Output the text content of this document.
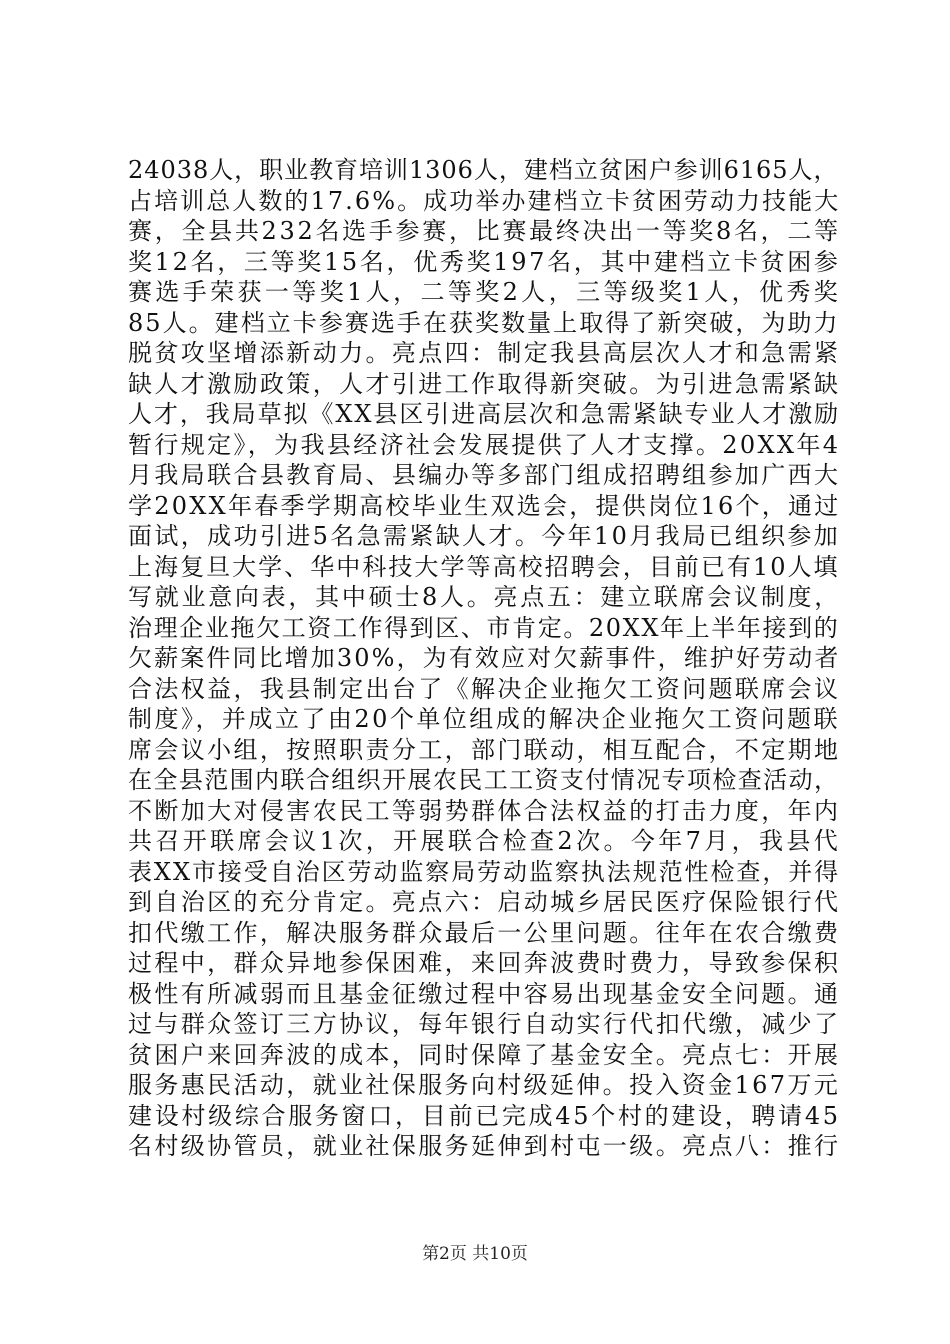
24038人，职业教育培训1306人，建档立贫困户参训6165人，
占培训总人数的17.6%。成功举办建档立卡贫困劳动力技能大
赛，全县共232名选手参赛，比赛最终决出一等奖8名，二等
奖12名，三等奖15名，优秀奖197名，其中建档立卡贫困参
赛选手荣获一等奖1人，二等奖2人，三等级奖1人，优秀奖
85人。建档立卡参赛选手在获奖数量上取得了新突破，为助力
脱贫攻坚增添新动力。亮点四：制定我县高层次人才和急需紧
缺人才激励政策，人才引进工作取得新突破。为引进急需紧缺
人才，我局草拟《XX县区引进高层次和急需紧缺专业人才激励
暂行规定》，为我县经济社会发展提供了人才支撑。20XX年4
月我局联合县教育局、县编办等多部门组成招聘组参加广西大
学20XX年春季学期高校毕业生双选会，提供岗位16个，通过
面试，成功引进5名急需紧缺人才。今年10月我局已组织参加
上海复旦大学、华中科技大学等高校招聘会，目前已有10人填
写就业意向表，其中硕士8人。亮点五：建立联席会议制度，
治理企业拖欠工资工作得到区、市肯定。20XX年上半年接到的
欠薪案件同比增加30%，为有效应对欠薪事件，维护好劳动者
合法权益，我县制定出台了《解决企业拖欠工资问题联席会议
制度》，并成立了由20个单位组成的解决企业拖欠工资问题联
席会议小组，按照职责分工，部门联动，相互配合，不定期地
在全县范围内联合组织开展农民工工资支付情况专项检查活动，
不断加大对侵害农民工等弱势群体合法权益的打击力度，年内
共召开联席会议1次，开展联合检查2次。今年7月，我县代
表XX市接受自治区劳动监察局劳动监察执法规范性检查，并得
到自治区的充分肯定。亮点六：启动城乡居民医疗保险银行代
扣代缴工作，解决服务群众最后一公里问题。往年在农合缴费
过程中，群众异地参保困难，来回奔波费时费力，导致参保积
极性有所减弱而且基金征缴过程中容易出现基金安全问题。通
过与群众签订三方协议，每年银行自动实行代扣代缴，减少了
贫困户来回奔波的成本，同时保障了基金安全。亮点七：开展
服务惠民活动，就业社保服务向村级延伸。投入资金167万元
建设村级综合服务窗口，目前已完成45个村的建设，聘请45
名村级协管员，就业社保服务延伸到村屯一级。亮点八：推行
第2页 共10页
